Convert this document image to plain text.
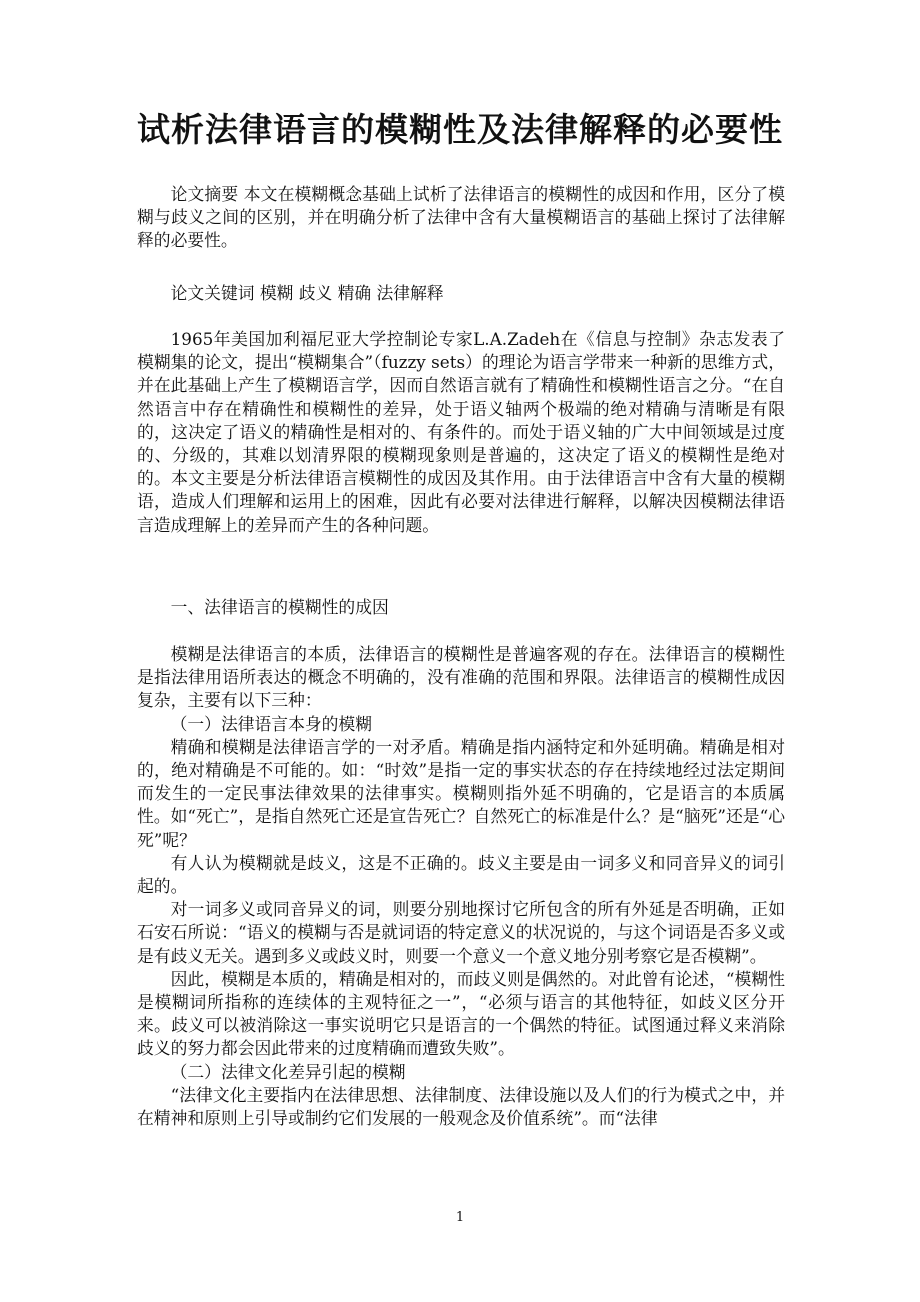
试析法律语言的模糊性及法律解释的必要性

论文摘要 本文在模糊概念基础上试析了法律语言的模糊性的成因和作用，区分了模糊与歧义之间的区别，并在明确分析了法律中含有大量模糊语言的基础上探讨了法律解释的必要性。

论文关键词 模糊 歧义 精确 法律解释

1965年美国加利福尼亚大学控制论专家L.A.Zadeh在《信息与控制》杂志发表了模糊集的论文，提出“模糊集合”（fuzzy sets）的理论为语言学带来一种新的思维方式，并在此基础上产生了模糊语言学，因而自然语言就有了精确性和模糊性语言之分。“在自然语言中存在精确性和模糊性的差异，处于语义轴两个极端的绝对精确与清晰是有限的，这决定了语义的精确性是相对的、有条件的。而处于语义轴的广大中间领域是过度的、分级的，其难以划清界限的模糊现象则是普遍的，这决定了语义的模糊性是绝对的。本文主要是分析法律语言模糊性的成因及其作用。由于法律语言中含有大量的模糊语，造成人们理解和运用上的困难，因此有必要对法律进行解释，以解决因模糊法律语言造成理解上的差异而产生的各种问题。

一、法律语言的模糊性的成因

模糊是法律语言的本质，法律语言的模糊性是普遍客观的存在。法律语言的模糊性是指法律用语所表达的概念不明确的，没有准确的范围和界限。法律语言的模糊性成因复杂，主要有以下三种：

（一）法律语言本身的模糊

精确和模糊是法律语言学的一对矛盾。精确是指内涵特定和外延明确。精确是相对的，绝对精确是不可能的。如：“时效”是指一定的事实状态的存在持续地经过法定期间而发生的一定民事法律效果的法律事实。模糊则指外延不明确的，它是语言的本质属性。如“死亡”，是指自然死亡还是宣告死亡？自然死亡的标准是什么？是“脑死”还是“心死”呢？

有人认为模糊就是歧义，这是不正确的。歧义主要是由一词多义和同音异义的词引起的。

对一词多义或同音异义的词，则要分别地探讨它所包含的所有外延是否明确，正如石安石所说：“语义的模糊与否是就词语的特定意义的状况说的，与这个词语是否多义或是有歧义无关。遇到多义或歧义时，则要一个意义一个意义地分别考察它是否模糊”。

因此，模糊是本质的，精确是相对的，而歧义则是偶然的。对此曾有论述，“模糊性是模糊词所指称的连续体的主观特征之一”，“必须与语言的其他特征，如歧义区分开来。歧义可以被消除这一事实说明它只是语言的一个偶然的特征。试图通过释义来消除歧义的努力都会因此带来的过度精确而遭致失败”。

（二）法律文化差异引起的模糊

“法律文化主要指内在法律思想、法律制度、法律设施以及人们的行为模式之中，并在精神和原则上引导或制约它们发展的一般观念及价值系统”。而“法律

1
